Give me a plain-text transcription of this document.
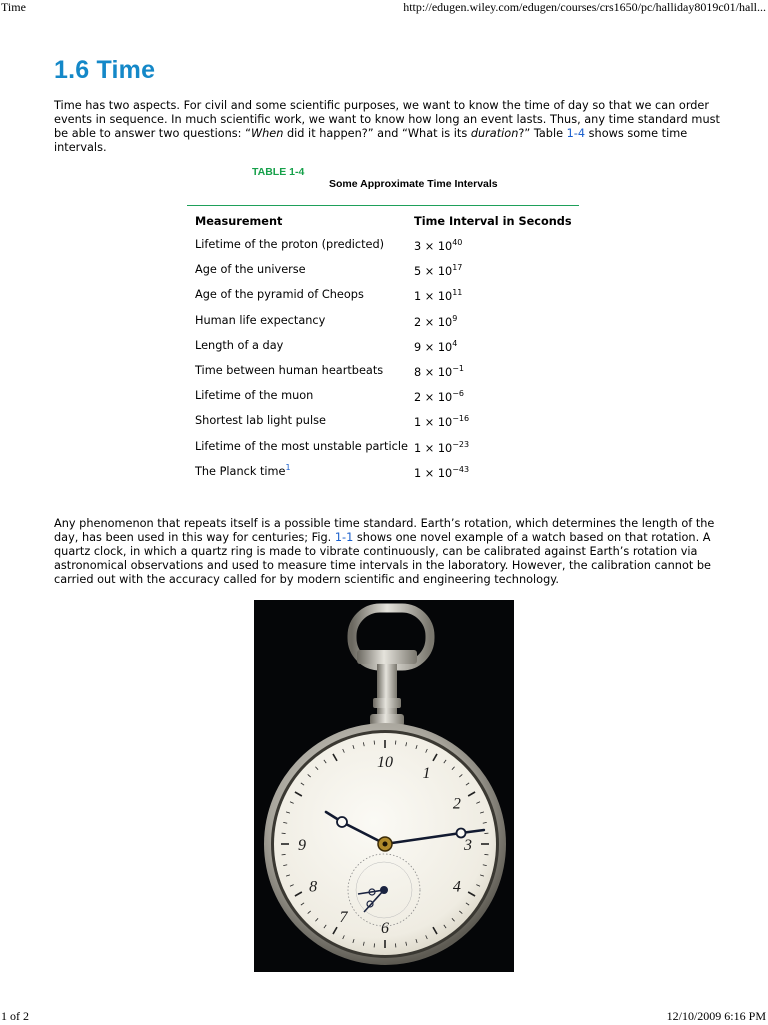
Time	http://edugen.wiley.com/edugen/courses/crs1650/pc/halliday8019c01/hall...
1.6 Time

Time has two aspects. For civil and some scientific purposes, we want to know the time of day so that we can order events in sequence. In much scientific work, we want to know how long an event lasts. Thus, any time standard must be able to answer two questions: “When did it happen?” and “What is its duration?” Table 1-4 shows some time intervals.

TABLE 1-4
Some Approximate Time Intervals
Measurement	Time Interval in Seconds
Lifetime of the proton (predicted)	$3 \times 10^{40}$
Age of the universe	$5 \times 10^{17}$
Age of the pyramid of Cheops	$1 \times 10^{11}$
Human life expectancy	$2 \times 10^9$
Length of a day	$9 \times 10^4$
Time between human heartbeats	$8 \times 10^{-1}$
Lifetime of the muon	$2 \times 10^{-6}$
Shortest lab light pulse	$1 \times 10^{-16}$
Lifetime of the most unstable particle $1 \times 10^{-23}$
The Planck time$^1$	$1 \times 10^{-43}$

Any phenomenon that repeats itself is a possible time standard. Earth’s rotation, which determines the length of the day, has been used in this way for centuries; Fig. 1-1 shows one novel example of a watch based on that rotation. A quartz clock, in which a quartz ring is made to vibrate continuously, can be calibrated against Earth’s rotation via astronomical observations and used to measure time intervals in the laboratory. However, the calibration cannot be carried out with the accuracy called for by modern scientific and engineering technology.

10
1
2
3
4
6
7
8
9
1 of 2	12/10/2009 6:16 PM
